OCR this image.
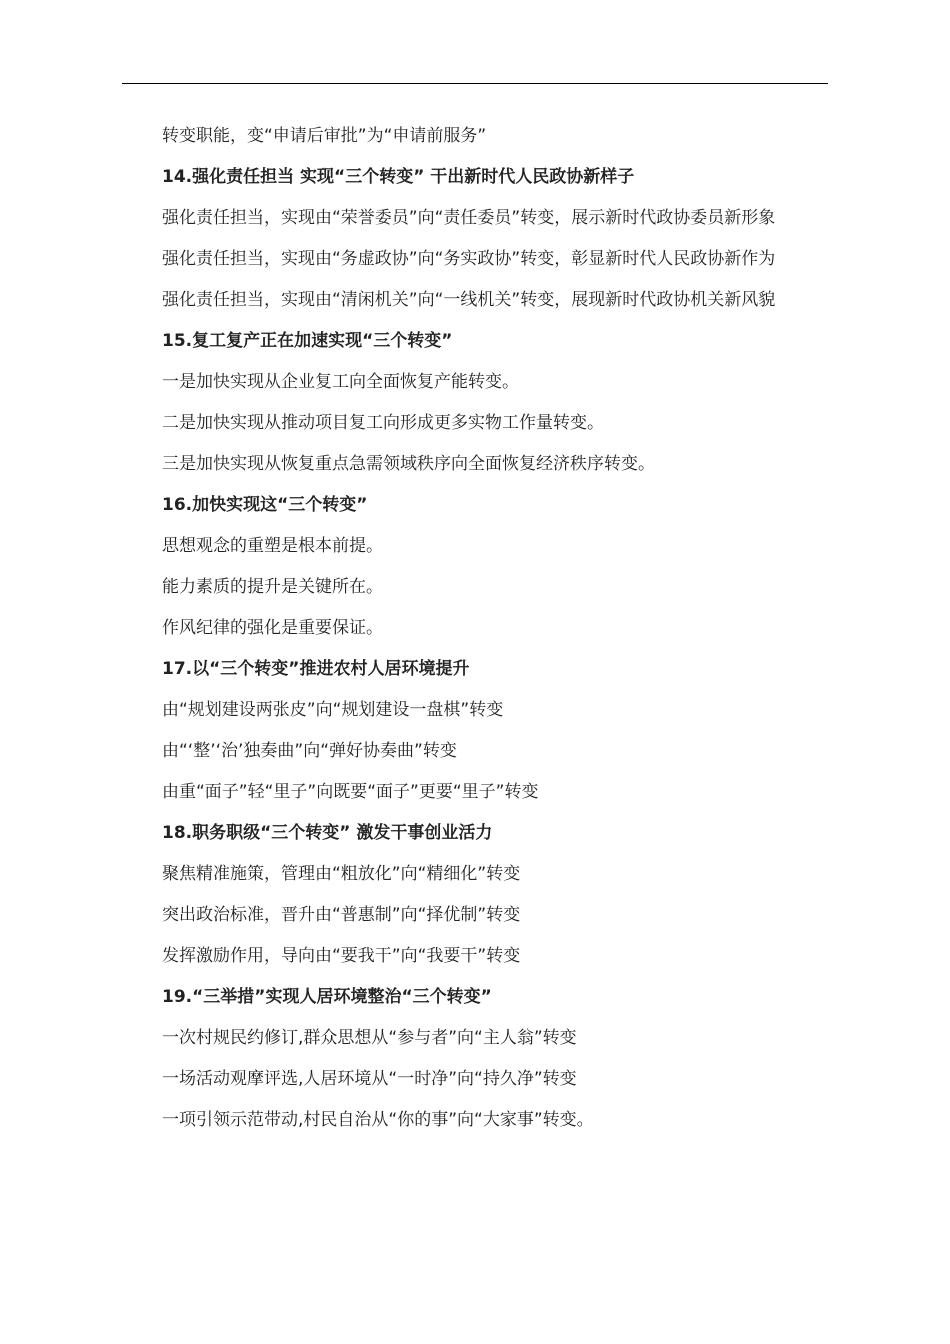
转变职能，变“申请后审批”为“申请前服务”

14.强化责任担当 实现“三个转变” 干出新时代人民政协新样子

强化责任担当，实现由“荣誉委员”向“责任委员”转变，展示新时代政协委员新形象

强化责任担当，实现由“务虚政协”向“务实政协”转变，彰显新时代人民政协新作为

强化责任担当，实现由“清闲机关”向“一线机关”转变，展现新时代政协机关新风貌

15.复工复产正在加速实现“三个转变”

一是加快实现从企业复工向全面恢复产能转变。

二是加快实现从推动项目复工向形成更多实物工作量转变。

三是加快实现从恢复重点急需领域秩序向全面恢复经济秩序转变。

16.加快实现这“三个转变”

思想观念的重塑是根本前提。

能力素质的提升是关键所在。

作风纪律的强化是重要保证。

17.以“三个转变”推进农村人居环境提升

由“规划建设两张皮”向“规划建设一盘棋”转变

由“‘整’‘治’独奏曲”向“弹好协奏曲”转变

由重“面子”轻“里子”向既要“面子”更要“里子”转变

18.职务职级“三个转变” 激发干事创业活力

聚焦精准施策，管理由“粗放化”向“精细化”转变

突出政治标准，晋升由“普惠制”向“择优制”转变

发挥激励作用，导向由“要我干”向“我要干”转变

19.“三举措”实现人居环境整治“三个转变”

一次村规民约修订,群众思想从“参与者”向“主人翁”转变

一场活动观摩评选,人居环境从“一时净”向“持久净”转变

一项引领示范带动,村民自治从“你的事”向“大家事”转变。
